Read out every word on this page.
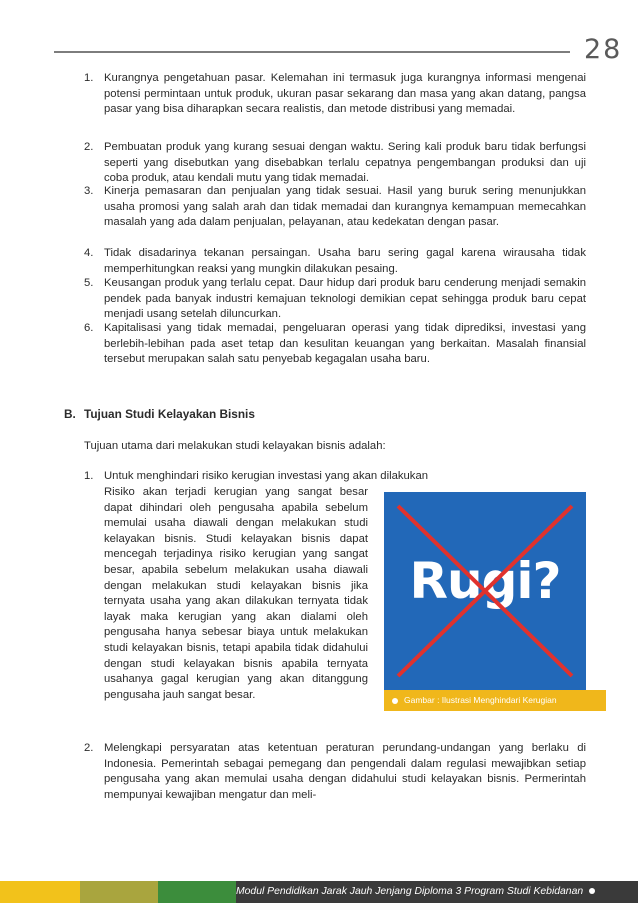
28
1. Kurangnya pengetahuan pasar. Kelemahan ini termasuk juga kurangnya informasi mengenai potensi permintaan untuk produk, ukuran pasar sekarang dan masa yang akan datang, pangsa pasar yang bisa diharapkan secara realistis, dan metode distribusi yang memadai.
2. Pembuatan produk yang kurang sesuai dengan waktu. Sering kali produk baru tidak berfungsi seperti yang disebutkan yang disebabkan terlalu cepatnya pengembangan produksi dan uji coba produk, atau kendali mutu yang tidak memadai.
3. Kinerja pemasaran dan penjualan yang tidak sesuai. Hasil yang buruk sering menunjukkan usaha promosi yang salah arah dan tidak memadai dan kurangnya kemampuan memecahkan masalah yang ada dalam penjualan, pelayanan, atau kedekatan dengan pasar.
4. Tidak disadarinya tekanan persaingan. Usaha baru sering gagal karena wirausaha tidak memperhitungkan reaksi yang mungkin dilakukan pesaing.
5. Keusangan produk yang terlalu cepat. Daur hidup dari produk baru cenderung menjadi semakin pendek pada banyak industri kemajuan teknologi demikian cepat sehingga produk baru cepat menjadi usang setelah diluncurkan.
6. Kapitalisasi yang tidak memadai, pengeluaran operasi yang tidak diprediksi, investasi yang berlebih-lebihan pada aset tetap dan kesulitan keuangan yang berkaitan. Masalah finansial tersebut merupakan salah satu penyebab kegagalan usaha baru.
B. Tujuan Studi Kelayakan Bisnis
Tujuan utama dari melakukan studi kelayakan bisnis adalah:
1. Untuk menghindari risiko kerugian investasi yang akan dilakukan
Risiko akan terjadi kerugian yang sangat besar dapat dihindari oleh pengusaha apabila sebelum memulai usaha diawali dengan melakukan studi kelayakan bisnis. Studi kelayakan bisnis dapat mencegah terjadinya risiko kerugian yang sangat besar, apabila sebelum melakukan usaha diawali dengan melakukan studi kelayakan bisnis jika ternyata usaha yang akan dilakukan ternyata tidak layak maka kerugian yang akan dialami oleh pengusaha hanya sebesar biaya untuk melakukan studi kelayakan bisnis, tetapi apabila tidak didahului dengan studi kelayakan bisnis apabila ternyata usahanya gagal kerugian yang akan ditanggung pengusaha jauh sangat besar.
Rugi?
Gambar : Ilustrasi Menghindari Kerugian
2. Melengkapi persyaratan atas ketentuan peraturan perundang-undangan yang berlaku di Indonesia. Pemerintah sebagai pemegang dan pengendali dalam regulasi mewajibkan setiap pengusaha yang akan memulai usaha dengan didahului studi kelayakan bisnis. Permerintah mempunyai kewajiban mengatur dan meli-
Modul Pendidikan Jarak Jauh Jenjang Diploma 3 Program Studi Kebidanan
